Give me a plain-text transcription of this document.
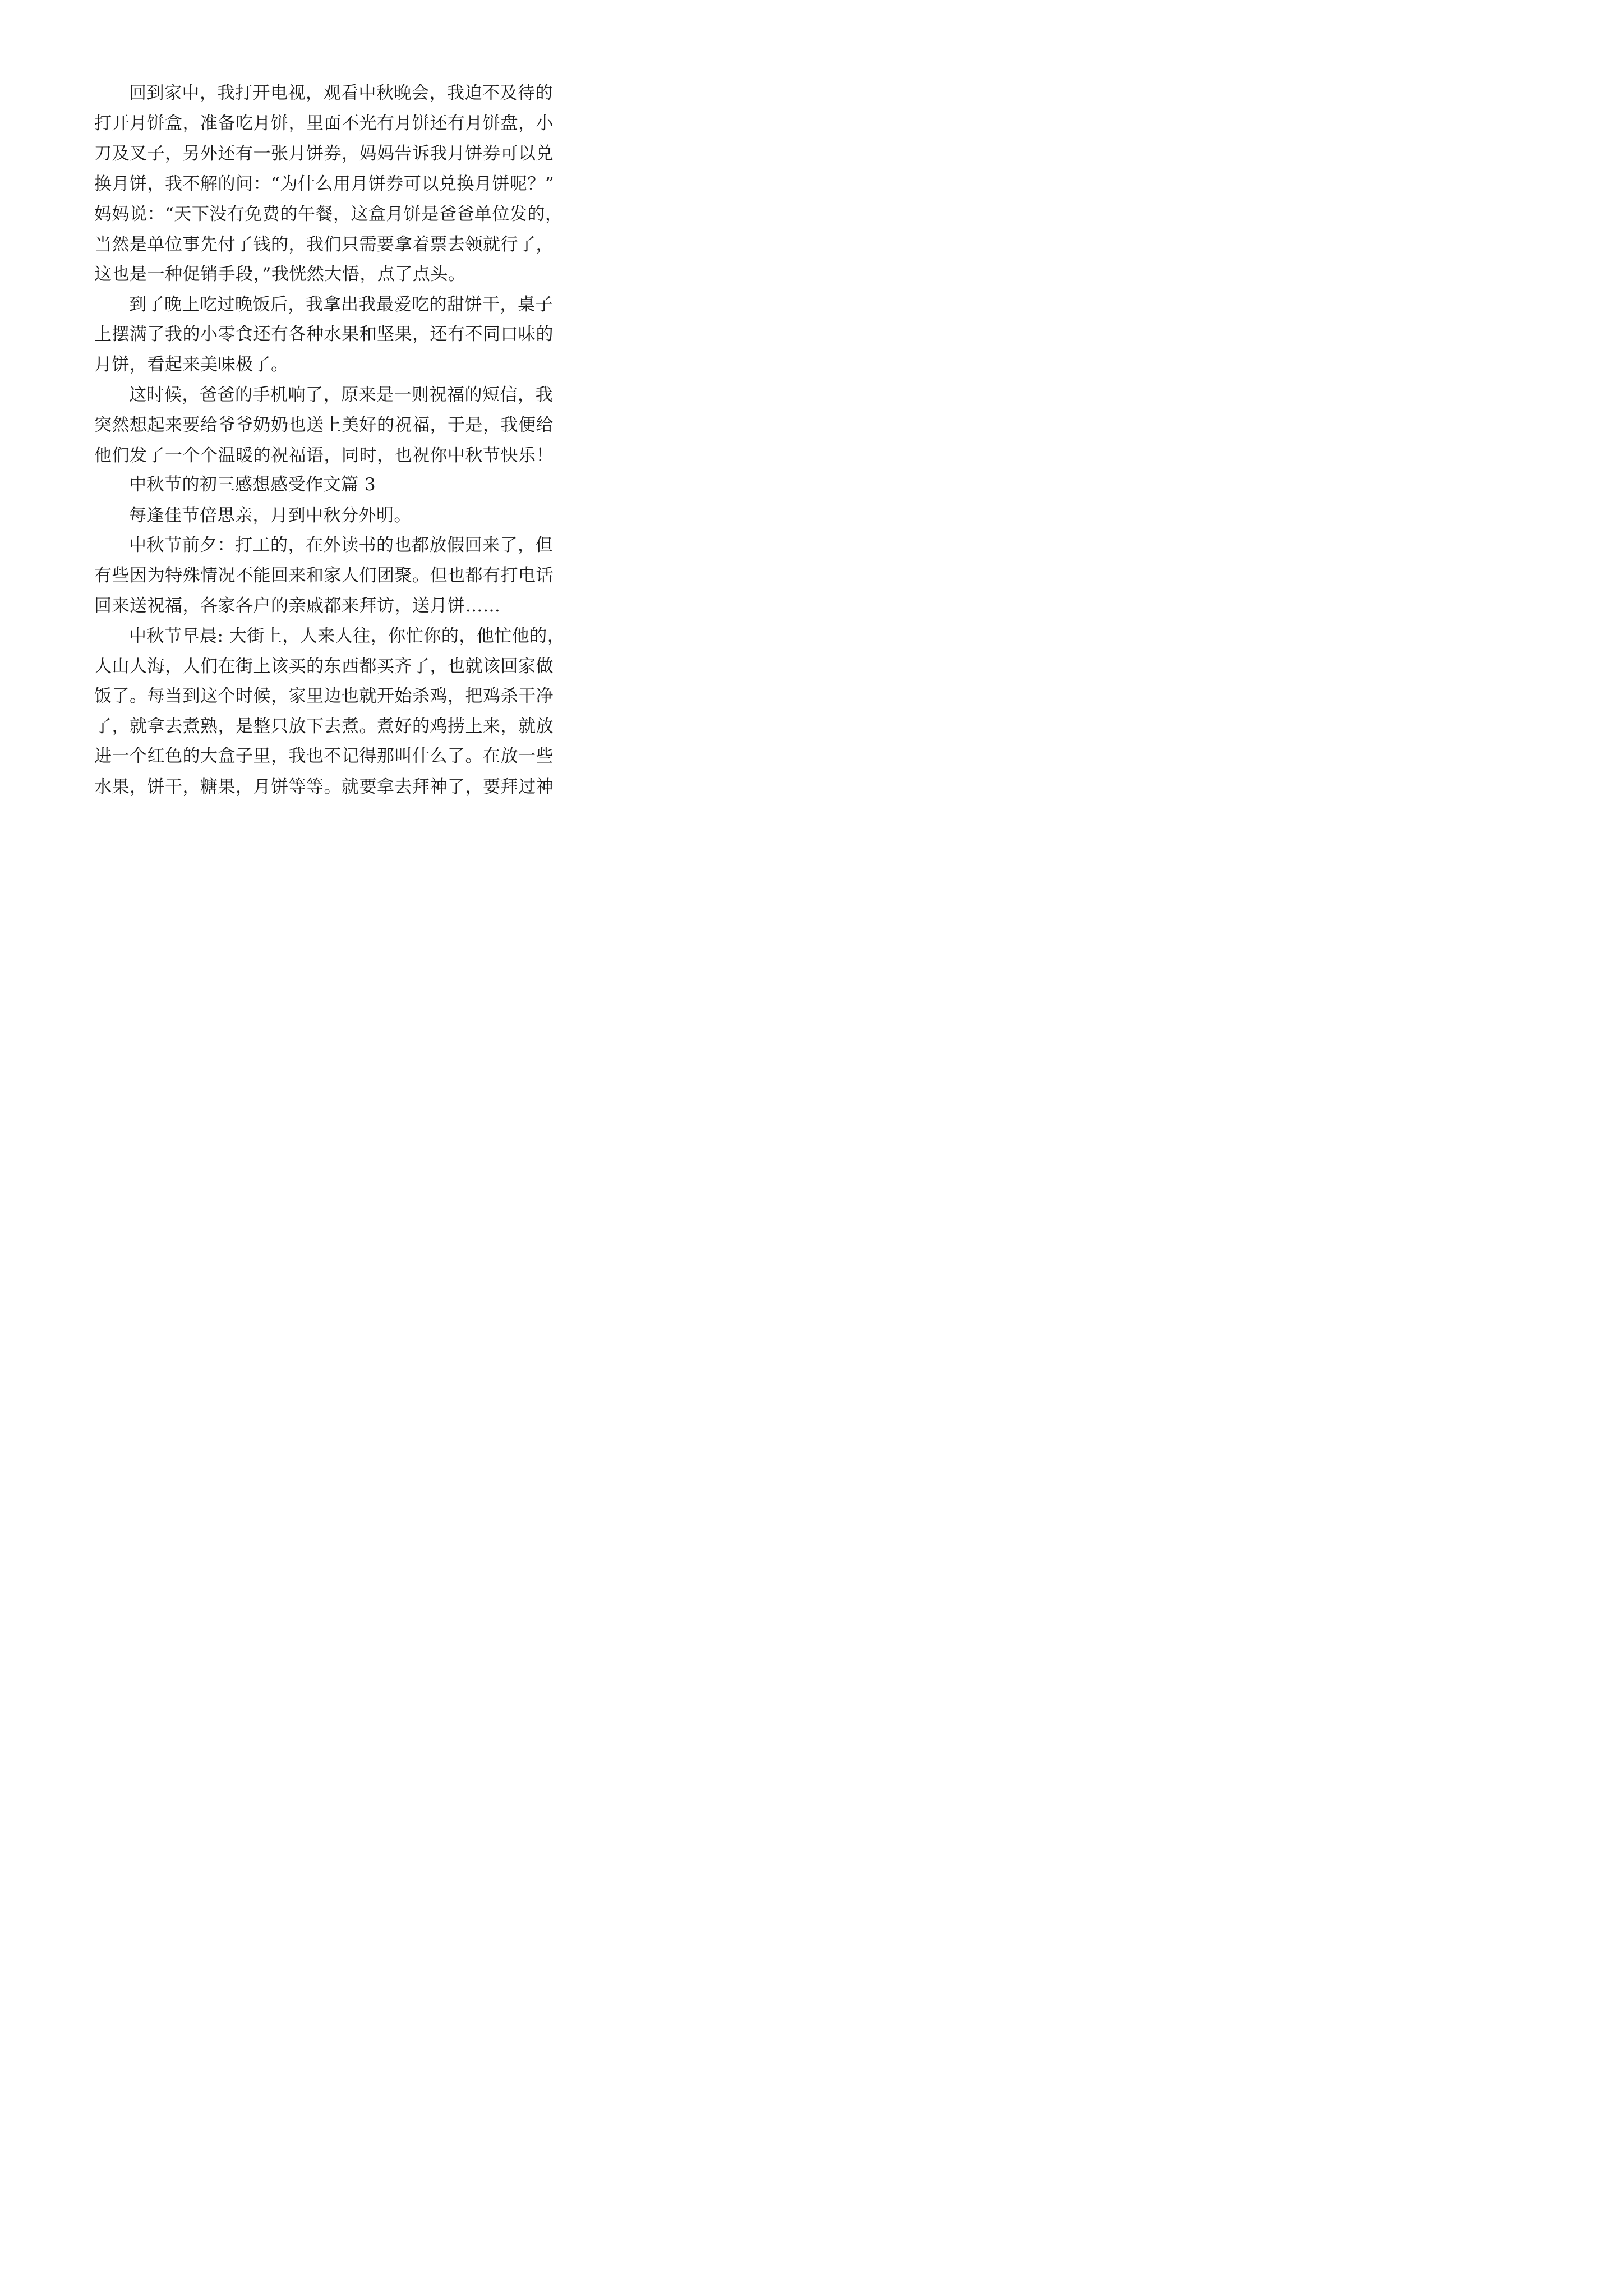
回到家中，我打开电视，观看中秋晚会，我迫不及待的
打开月饼盒，准备吃月饼，里面不光有月饼还有月饼盘，小
刀及叉子，另外还有一张月饼券，妈妈告诉我月饼券可以兑
换月饼，我不解的问：“为什么用月饼券可以兑换月饼呢？”
妈妈说：“天下没有免费的午餐，这盒月饼是爸爸单位发的，
当然是单位事先付了钱的，我们只需要拿着票去领就行了，
这也是一种促销手段，”我恍然大悟，点了点头。
到了晚上吃过晚饭后，我拿出我最爱吃的甜饼干，桌子
上摆满了我的小零食还有各种水果和坚果，还有不同口味的
月饼，看起来美味极了。
这时候，爸爸的手机响了，原来是一则祝福的短信，我
突然想起来要给爷爷奶奶也送上美好的祝福，于是，我便给
他们发了一个个温暖的祝福语，同时，也祝你中秋节快乐！
中秋节的初三感想感受作文篇 3
每逢佳节倍思亲，月到中秋分外明。
中秋节前夕：打工的，在外读书的也都放假回来了，但
有些因为特殊情况不能回来和家人们团聚。但也都有打电话
回来送祝福，各家各户的亲戚都来拜访，送月饼……
中秋节早晨: 大街上，人来人往，你忙你的，他忙他的，
人山人海，人们在街上该买的东西都买齐了，也就该回家做
饭了。每当到这个时候，家里边也就开始杀鸡，把鸡杀干净
了，就拿去煮熟，是整只放下去煮。煮好的鸡捞上来，就放
进一个红色的大盒子里，我也不记得那叫什么了。在放一些
水果，饼干，糖果，月饼等等。就要拿去拜神了，要拜过神
